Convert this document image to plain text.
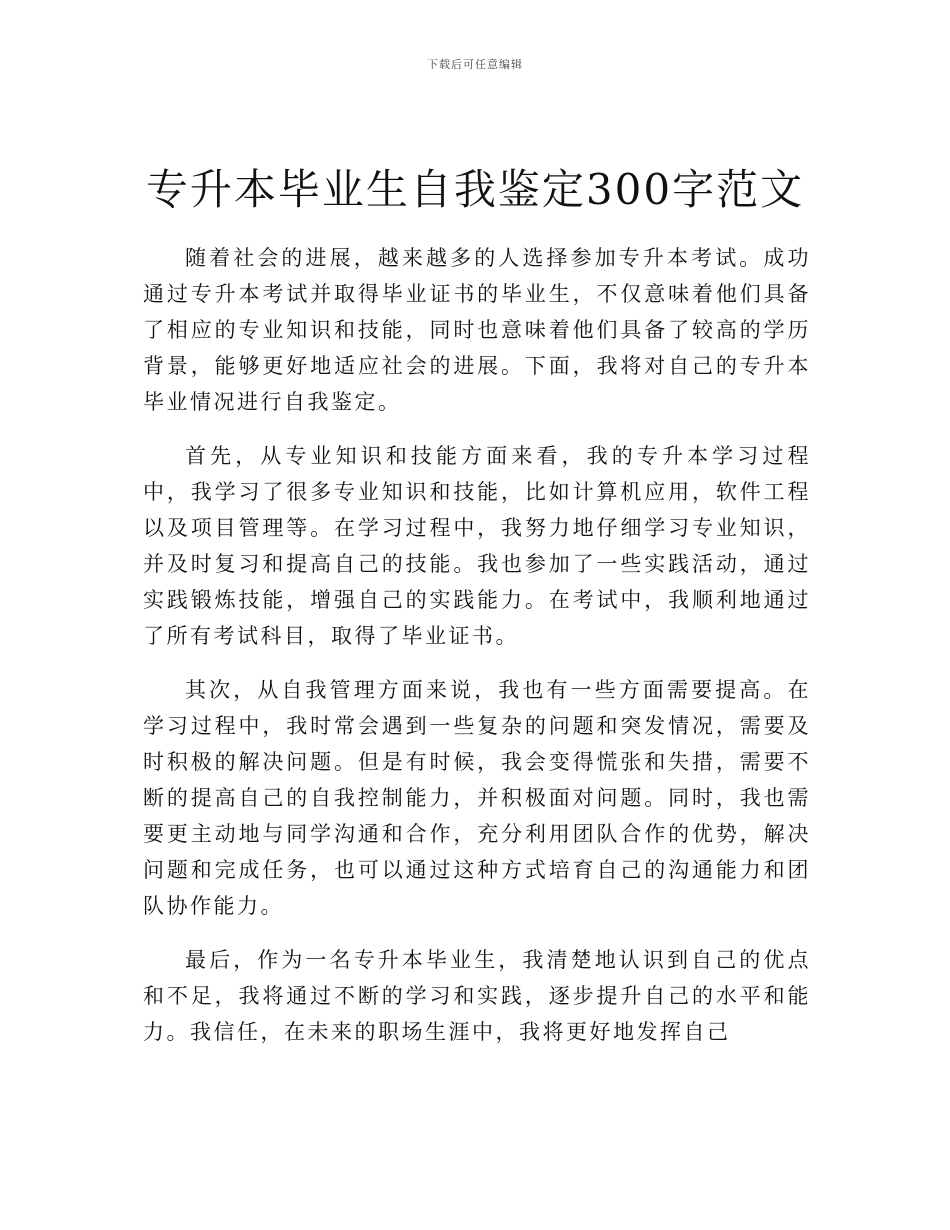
下载后可任意编辑
专升本毕业生自我鉴定300字范文

随着社会的进展，越来越多的人选择参加专升本考试。成功通过专升本考试并取得毕业证书的毕业生，不仅意味着他们具备了相应的专业知识和技能，同时也意味着他们具备了较高的学历背景，能够更好地适应社会的进展。下面，我将对自己的专升本毕业情况进行自我鉴定。

首先，从专业知识和技能方面来看，我的专升本学习过程中，我学习了很多专业知识和技能，比如计算机应用，软件工程以及项目管理等。在学习过程中，我努力地仔细学习专业知识，并及时复习和提高自己的技能。我也参加了一些实践活动，通过实践锻炼技能，增强自己的实践能力。在考试中，我顺利地通过了所有考试科目，取得了毕业证书。

其次，从自我管理方面来说，我也有一些方面需要提高。在学习过程中，我时常会遇到一些复杂的问题和突发情况，需要及时积极的解决问题。但是有时候，我会变得慌张和失措，需要不断的提高自己的自我控制能力，并积极面对问题。同时，我也需要更主动地与同学沟通和合作，充分利用团队合作的优势，解决问题和完成任务，也可以通过这种方式培育自己的沟通能力和团队协作能力。

最后，作为一名专升本毕业生，我清楚地认识到自己的优点和不足，我将通过不断的学习和实践，逐步提升自己的水平和能力。我信任，在未来的职场生涯中，我将更好地发挥自己
